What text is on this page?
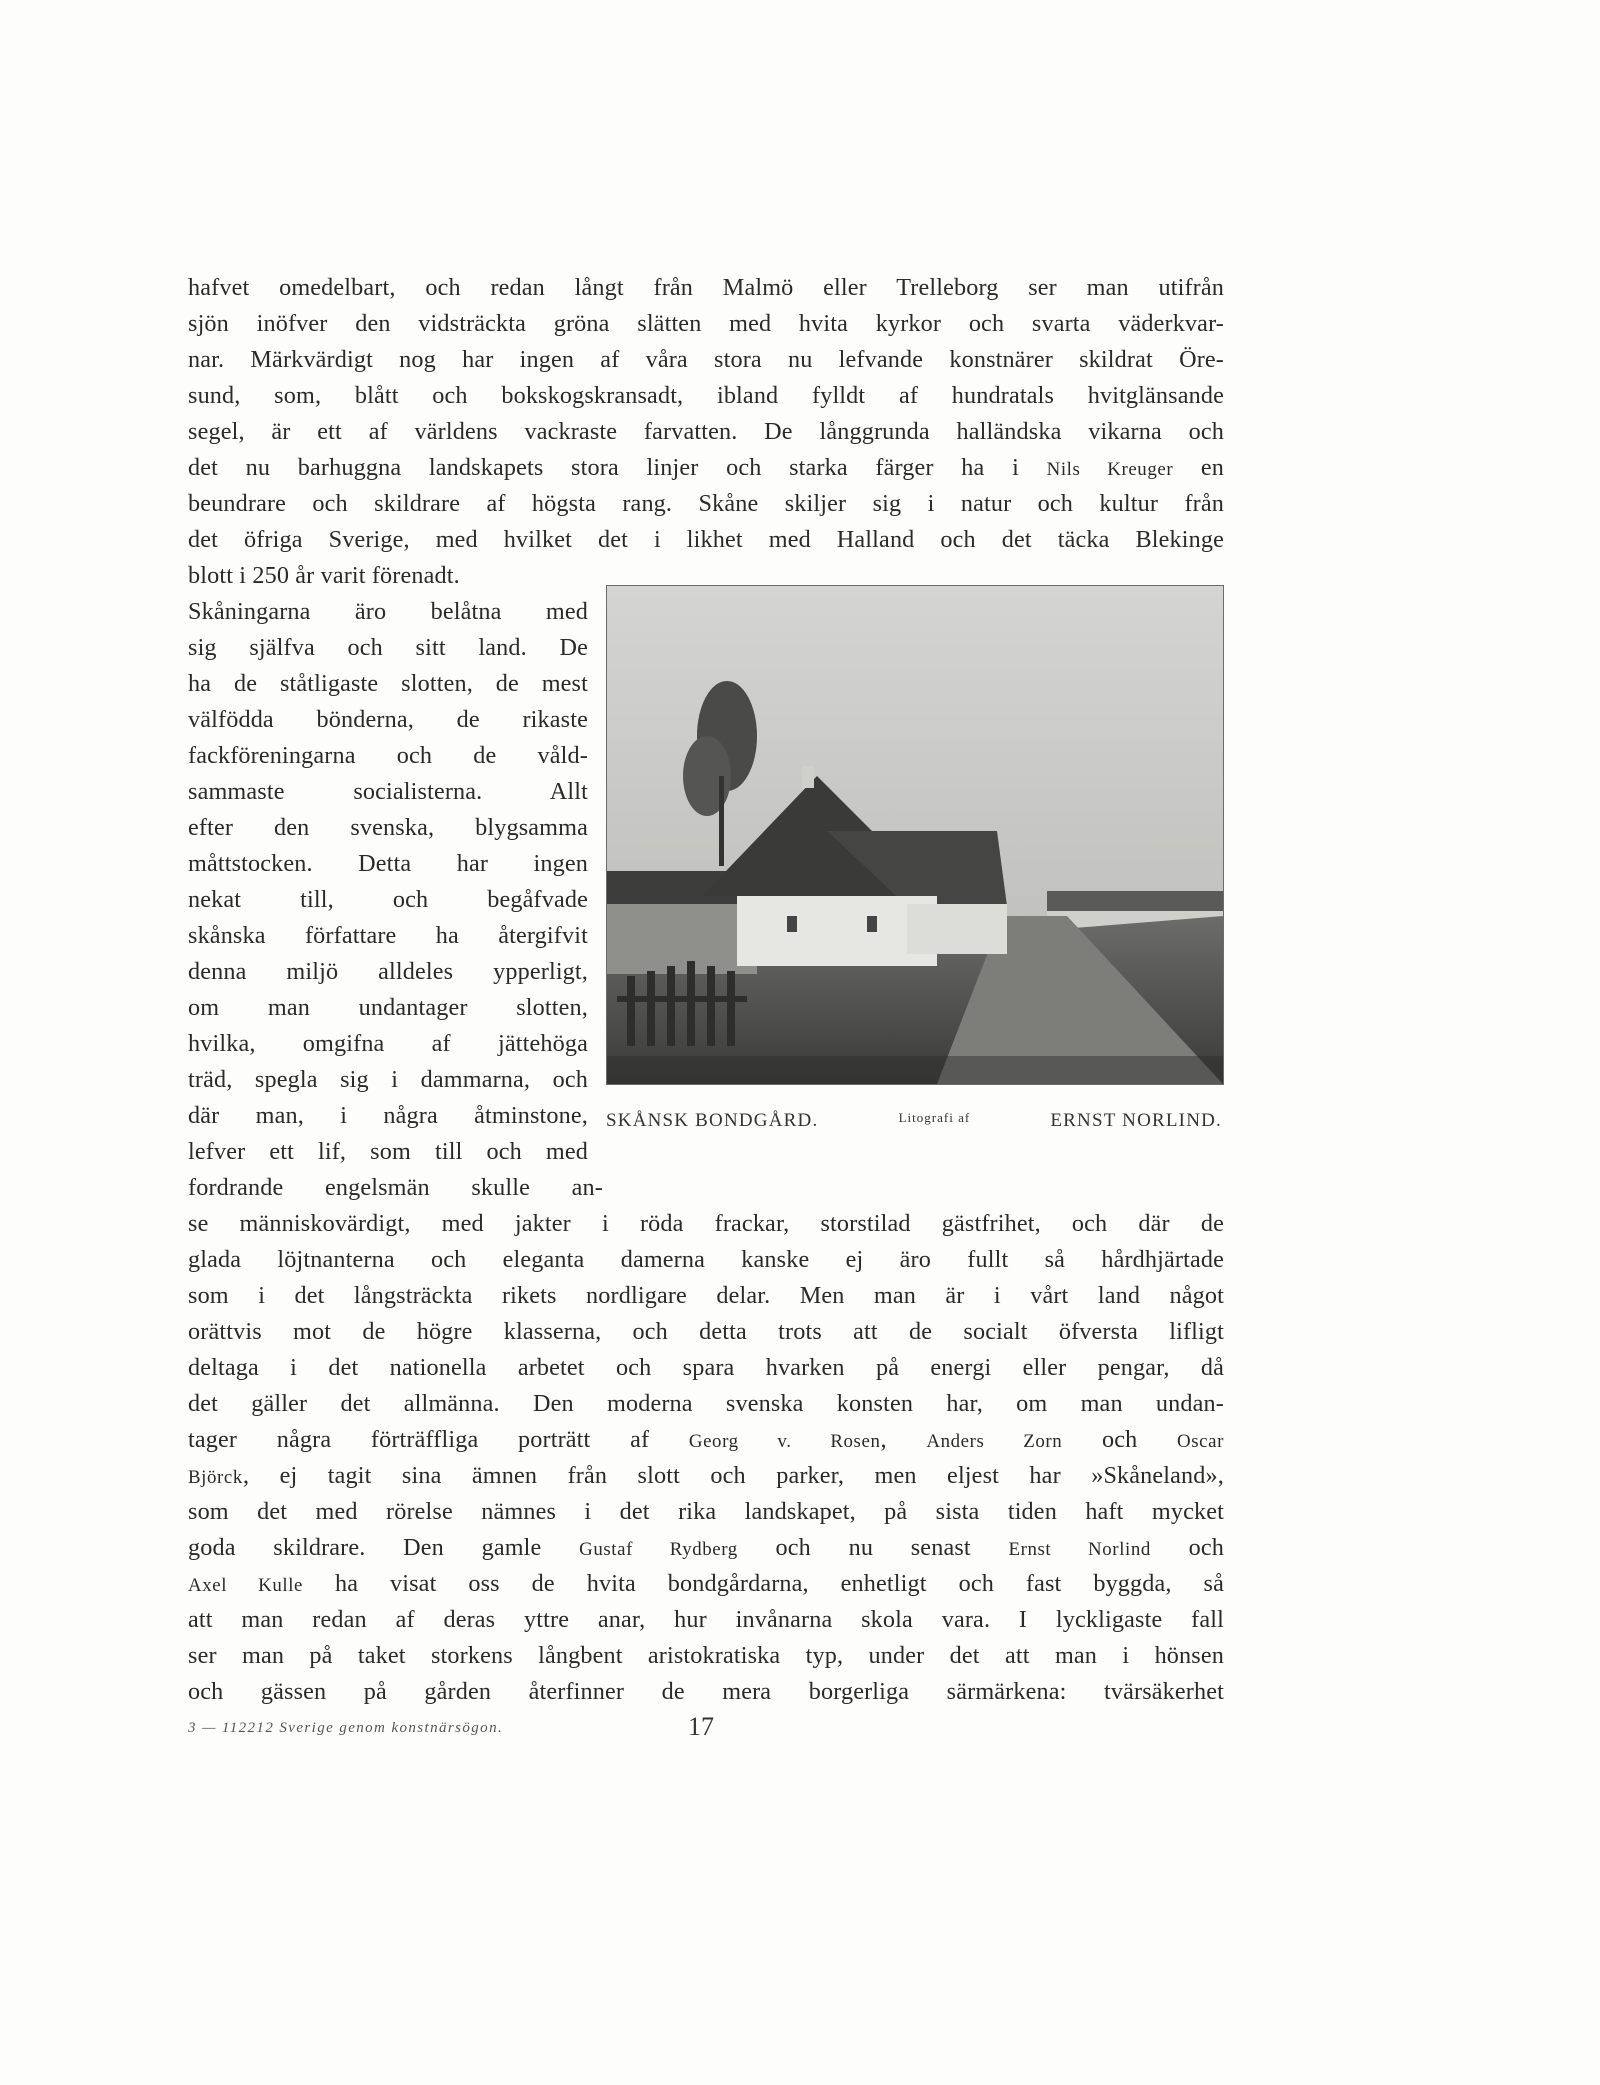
hafvet omedelbart, och redan långt från Malmö eller Trelleborg ser man utifrån
sjön inöfver den vidsträckta gröna slätten med hvita kyrkor och svarta väderkvar-
nar. Märkvärdigt nog har ingen af våra stora nu lefvande konstnärer skildrat Öre-
sund, som, blått och bokskogskransadt, ibland fylldt af hundratals hvitglänsande
segel, är ett af världens vackraste farvatten. De långgrunda halländska vikarna och
det nu barhuggna landskapets stora linjer och starka färger ha i Nils Kreuger en
beundrare och skildrare af högsta rang. Skåne skiljer sig i natur och kultur från
det öfriga Sverige, med hvilket det i likhet med Halland och det täcka Blekinge
blott i 250 år varit förenadt.
Skåningarna äro belåtna med
sig själfva och sitt land. De
ha de ståtligaste slotten, de mest
välfödda bönderna, de rikaste
fackföreningarna och de våld-
sammaste socialisterna. Allt
efter den svenska, blygsamma
måttstocken. Detta har ingen
nekat till, och begåfvade
skånska författare ha återgifvit
denna miljö alldeles ypperligt,
om man undantager slotten,
hvilka, omgifna af jättehöga
träd, spegla sig i dammarna, och
där man, i några åtminstone,
lefver ett lif, som till och med
fordrande engelsmän skulle an-
SKÅNSK BONDGÅRD.	Litografi af	ERNST NORLIND.
se människovärdigt, med jakter i röda frackar, storstilad gästfrihet, och där de
glada löjtnanterna och eleganta damerna kanske ej äro fullt så hårdhjärtade
som i det långsträckta rikets nordligare delar. Men man är i vårt land något
orättvis mot de högre klasserna, och detta trots att de socialt öfversta lifligt
deltaga i det nationella arbetet och spara hvarken på energi eller pengar, då
det gäller det allmänna. Den moderna svenska konsten har, om man undan-
tager några förträffliga porträtt af Georg v. Rosen, Anders Zorn och Oscar
Björck, ej tagit sina ämnen från slott och parker, men eljest har »Skåneland»,
som det med rörelse nämnes i det rika landskapet, på sista tiden haft mycket
goda skildrare. Den gamle Gustaf Rydberg och nu senast Ernst Norlind och
Axel Kulle ha visat oss de hvita bondgårdarna, enhetligt och fast byggda, så
att man redan af deras yttre anar, hur invånarna skola vara. I lyckligaste fall
ser man på taket storkens långbent aristokratiska typ, under det att man i hönsen
och gässen på gården återfinner de mera borgerliga särmärkena: tvärsäkerhet
3 — 112212 Sverige genom konstnärsögon.	17
